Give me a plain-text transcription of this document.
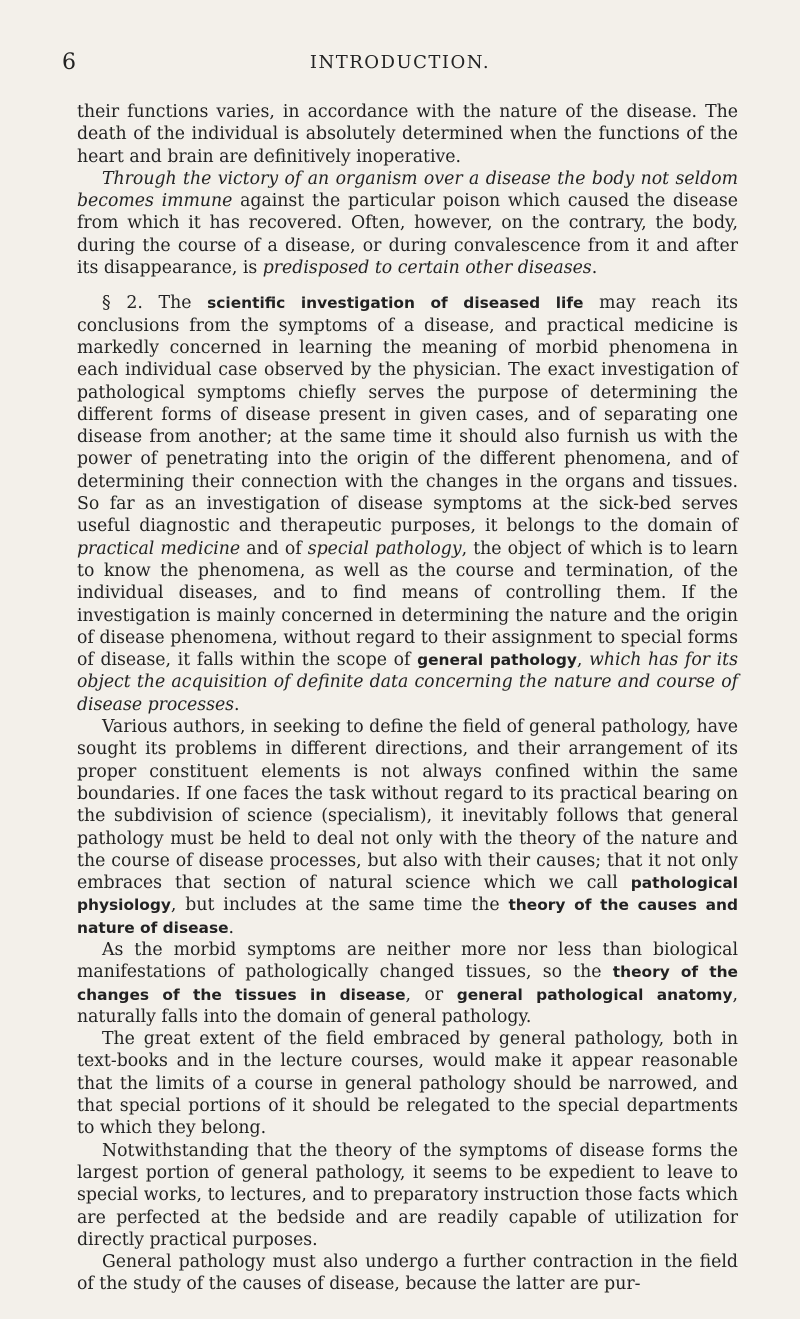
6	INTRODUCTION.

their functions varies, in accordance with the nature of the disease. The death of the individual is absolutely determined when the functions of the heart and brain are definitively inoperative.

Through the victory of an organism over a disease the body not seldom becomes immune against the particular poison which caused the disease from which it has recovered. Often, however, on the contrary, the body, during the course of a disease, or during convalescence from it and after its disappearance, is predisposed to certain other diseases.

§ 2. The scientific investigation of diseased life may reach its conclusions from the symptoms of a disease, and practical medicine is markedly concerned in learning the meaning of morbid phenomena in each individual case observed by the physician. The exact investigation of pathological symptoms chiefly serves the purpose of determining the different forms of disease present in given cases, and of separating one disease from another; at the same time it should also furnish us with the power of penetrating into the origin of the different phenomena, and of determining their connection with the changes in the organs and tissues. So far as an investigation of disease symptoms at the sick-bed serves useful diagnostic and therapeutic purposes, it belongs to the domain of practical medicine and of special pathology, the object of which is to learn to know the phenomena, as well as the course and termination, of the individual diseases, and to find means of controlling them. If the investigation is mainly concerned in determining the nature and the origin of disease phenomena, without regard to their assignment to special forms of disease, it falls within the scope of general pathology, which has for its object the acquisition of definite data concerning the nature and course of disease processes.

Various authors, in seeking to define the field of general pathology, have sought its problems in different directions, and their arrangement of its proper constituent elements is not always confined within the same boundaries. If one faces the task without regard to its practical bearing on the subdivision of science (specialism), it inevitably follows that general pathology must be held to deal not only with the theory of the nature and the course of disease processes, but also with their causes; that it not only embraces that section of natural science which we call pathological physiology, but includes at the same time the theory of the causes and nature of disease.

As the morbid symptoms are neither more nor less than biological manifestations of pathologically changed tissues, so the theory of the changes of the tissues in disease, or general pathological anatomy, naturally falls into the domain of general pathology.

The great extent of the field embraced by general pathology, both in text-books and in the lecture courses, would make it appear reasonable that the limits of a course in general pathology should be narrowed, and that special portions of it should be relegated to the special departments to which they belong.

Notwithstanding that the theory of the symptoms of disease forms the largest portion of general pathology, it seems to be expedient to leave to special works, to lectures, and to preparatory instruction those facts which are perfected at the bedside and are readily capable of utilization for directly practical purposes.

General pathology must also undergo a further contraction in the field of the study of the causes of disease, because the latter are pur-
